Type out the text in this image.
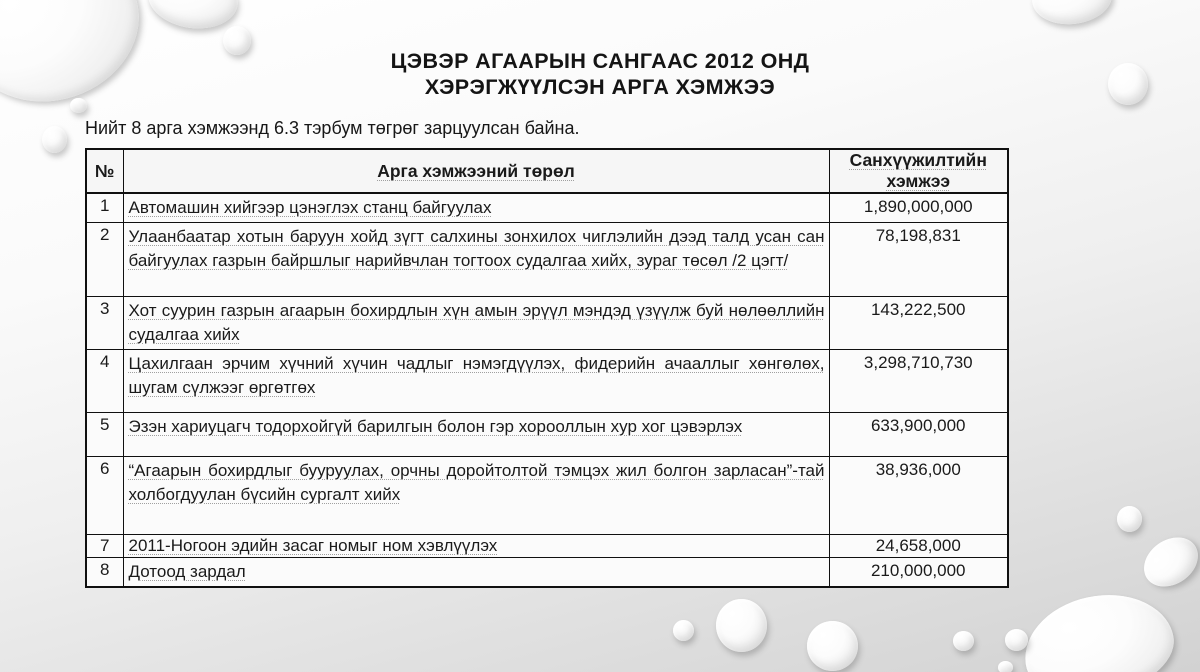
ЦЭВЭР АГААРЫН САНГААС 2012 ОНД
ХЭРЭГЖҮҮЛСЭН АРГА ХЭМЖЭЭ
Нийт 8 арга хэмжээнд 6.3 тэрбум төгрөг зарцуулсан байна.
№	Арга хэмжээний төрөл	Санхүүжилтийн хэмжээ
1	Автомашин хийгээр цэнэглэх станц байгуулах	1,890,000,000
2	Улаанбаатар хотын баруун хойд зүгт салхины зонхилох чиглэлийн дээд талд усан сан байгуулах газрын байршлыг нарийвчлан тогтоох судалгаа хийх, зураг төсөл /2 цэгт/	78,198,831
3	Хот суурин газрын агаарын бохирдлын хүн амын эрүүл мэндэд үзүүлж буй нөлөөллийн судалгаа хийх	143,222,500
4	Цахилгаан эрчим хүчний хүчин чадлыг нэмэгдүүлэх, фидерийн ачааллыг хөнгөлөх, шугам сүлжээг өргөтгөх	3,298,710,730
5	Эзэн хариуцагч тодорхойгүй барилгын болон гэр хорооллын хур хог цэвэрлэх	633,900,000
6	“Агаарын бохирдлыг бууруулах, орчны доройтолтой тэмцэх жил болгон зарласан”-тай холбогдуулан бүсийн сургалт хийх	38,936,000
7	2011-Ногоон эдийн засаг номыг ном хэвлүүлэх	24,658,000
8	Дотоод зардал	210,000,000
